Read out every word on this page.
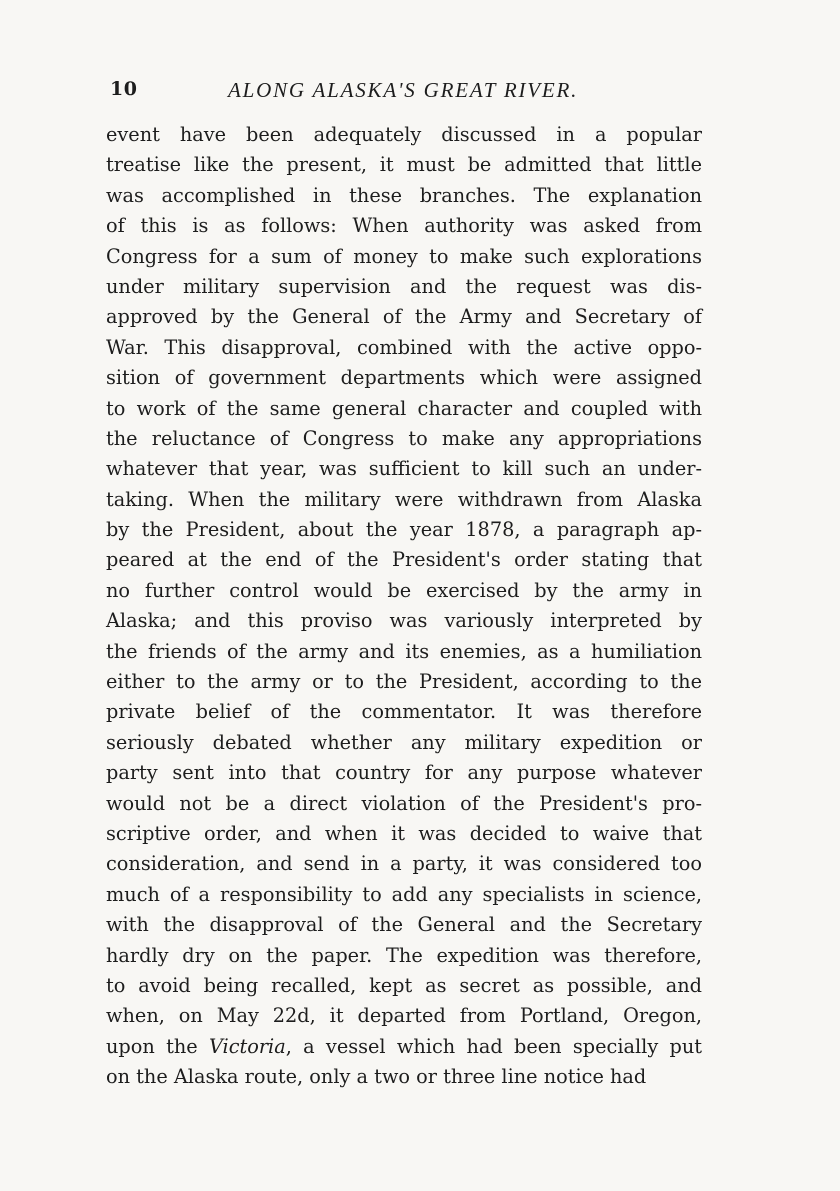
10	ALONG ALASKA'S GREAT RIVER.
event have been adequately discussed in a popular
treatise like the present, it must be admitted that little
was accomplished in these branches. The explanation
of this is as follows: When authority was asked from
Congress for a sum of money to make such explorations
under military supervision and the request was dis-
approved by the General of the Army and Secretary of
War. This disapproval, combined with the active oppo-
sition of government departments which were assigned
to work of the same general character and coupled with
the reluctance of Congress to make any appropriations
whatever that year, was sufficient to kill such an under-
taking. When the military were withdrawn from Alaska
by the President, about the year 1878, a paragraph ap-
peared at the end of the President's order stating that
no further control would be exercised by the army in
Alaska; and this proviso was variously interpreted by
the friends of the army and its enemies, as a humiliation
either to the army or to the President, according to the
private belief of the commentator. It was therefore
seriously debated whether any military expedition or
party sent into that country for any purpose whatever
would not be a direct violation of the President's pro-
scriptive order, and when it was decided to waive that
consideration, and send in a party, it was considered too
much of a responsibility to add any specialists in science,
with the disapproval of the General and the Secretary
hardly dry on the paper. The expedition was therefore,
to avoid being recalled, kept as secret as possible, and
when, on May 22d, it departed from Portland, Oregon,
upon the Victoria, a vessel which had been specially put
on the Alaska route, only a two or three line notice had
